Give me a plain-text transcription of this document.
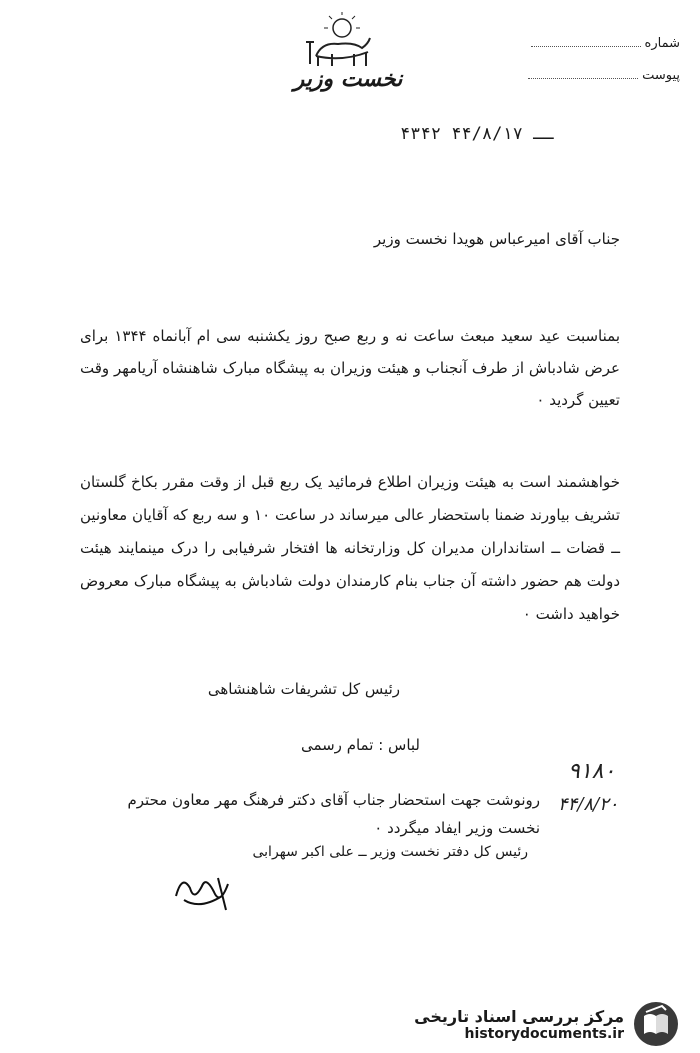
شماره
پیوست
نخست وزیر
۴۳۴۲ ــ ۴۴/۸/۱۷
جناب آقای امیرعباس هویدا نخست وزیر
بمناسبت عید سعید مبعث ساعت نه و ربع صبح روز یکشنبه سی ام آبانماه ۱۳۴۴ برای عرض شادباش از طرف آنجناب و هیئت وزیران به پیشگاه مبارک شاهنشاه آریامهر وقت تعیین گردید ۰
خواهشمند است به هیئت وزیران اطلاع فرمائید یک ربع قبل از وقت مقرر بکاخ گلستان تشریف بیاورند ضمنا باستحضار عالی میرساند در ساعت ۱۰ و سه ربع که آقایان معاونین ــ قضات ــ استانداران مدیران کل وزارتخانه ها افتخار شرفیابی را درک مینمایند هیئت دولت هم حضور داشته آن جناب بنام کارمندان دولت شادباش به پیشگاه مبارک معروض خواهید داشت ۰
رئیس کل تشریفات شاهنشاهی
لباس : تمام رسمی
۹۱۸۰
۴۴/۸/۲۰
رونوشت جهت استحضار جناب آقای دکتر فرهنگ مهر معاون محترم نخست وزیر ایفاد میگردد ۰
رئیس کل دفتر نخست وزیر ــ علی اکبر سهرابی
مرکز بررسی اسناد تاریخی
historydocuments.ir
